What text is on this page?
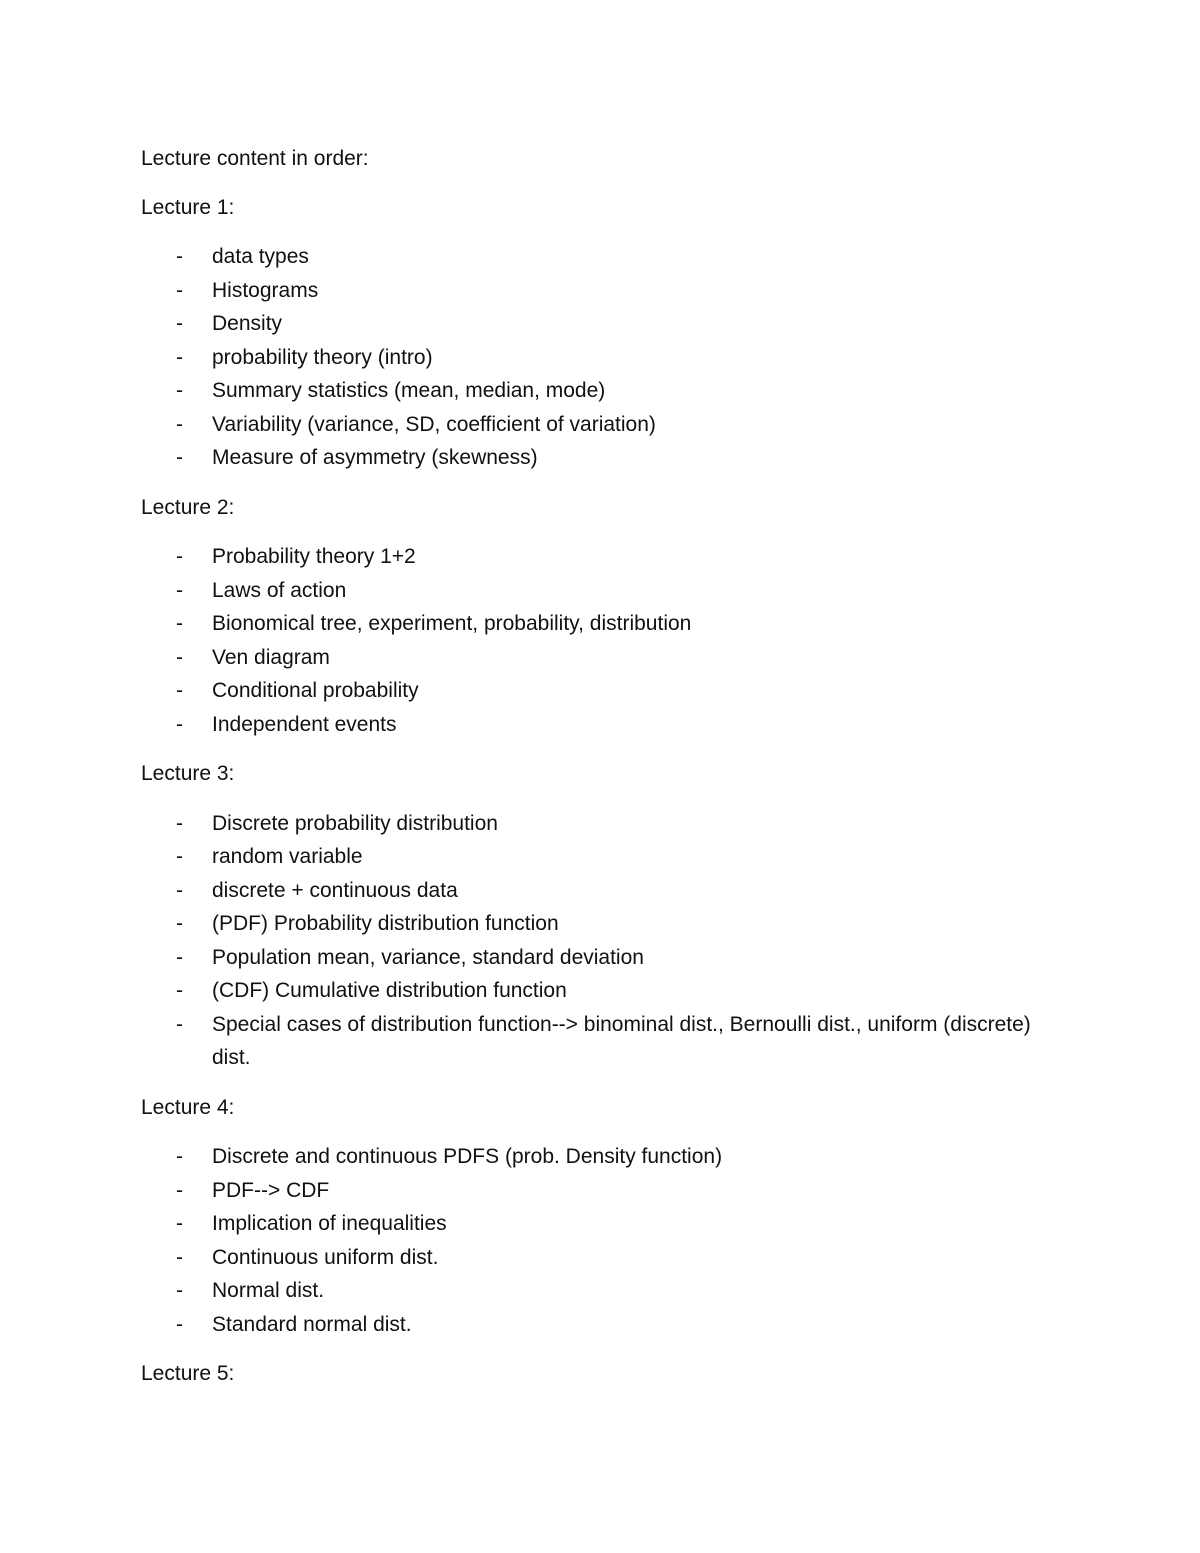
Lecture content in order:
Lecture 1:
- data types
- Histograms
- Density
- probability theory (intro)
- Summary statistics (mean, median, mode)
- Variability (variance, SD, coefficient of variation)
- Measure of asymmetry (skewness)
Lecture 2:
- Probability theory 1+2
- Laws of action
- Bionomical tree, experiment, probability, distribution
- Ven diagram
- Conditional probability
- Independent events
Lecture 3:
- Discrete probability distribution
- random variable
- discrete + continuous data
- (PDF) Probability distribution function
- Population mean, variance, standard deviation
- (CDF) Cumulative distribution function
- Special cases of distribution function--> binominal dist., Bernoulli dist., uniform (discrete) dist.
Lecture 4:
- Discrete and continuous PDFS (prob. Density function)
- PDF--> CDF
- Implication of inequalities
- Continuous uniform dist.
- Normal dist.
- Standard normal dist.
Lecture 5:
